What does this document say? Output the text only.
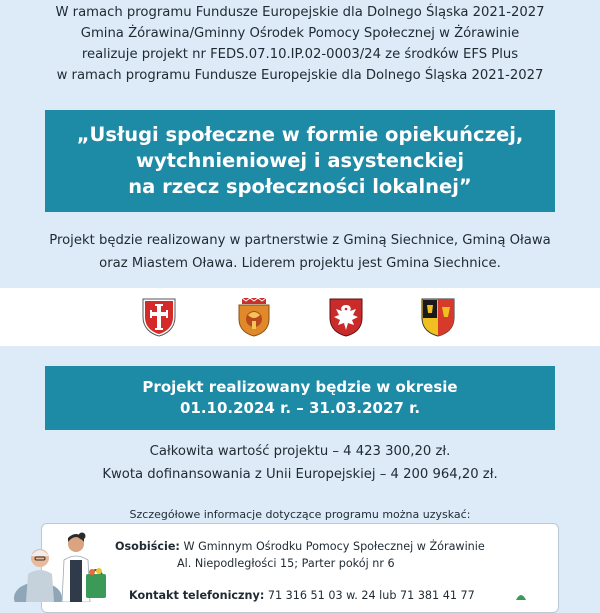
W ramach programu Fundusze Europejskie dla Dolnego Śląska 2021-2027
Gmina Żórawina/Gminny Ośrodek Pomocy Społecznej w Żórawinie
realizuje projekt nr FEDS.07.10.IP.02-0003/24 ze środków EFS Plus
w ramach programu Fundusze Europejskie dla Dolnego Śląska 2021-2027
„Usługi społeczne w formie opiekuńczej,
wytchnieniowej i asystenckiej
na rzecz społeczności lokalnej”
Projekt będzie realizowany w partnerstwie z Gminą Siechnice, Gminą Oława
oraz Miastem Oława. Liderem projektu jest Gmina Siechnice.
Projekt realizowany będzie w okresie
01.10.2024 r. – 31.03.2027 r.
Całkowita wartość projektu – 4 423 300,20 zł.
Kwota dofinansowania z Unii Europejskiej – 4 200 964,20 zł.
Szczegółowe informacje dotyczące programu można uzyskać:
Osobiście: W Gminnym Ośrodku Pomocy Społecznej w Żórawinie
Al. Niepodległości 15; Parter pokój nr 6
Kontakt telefoniczny: 71 316 51 03 w. 24 lub 71 381 41 77
